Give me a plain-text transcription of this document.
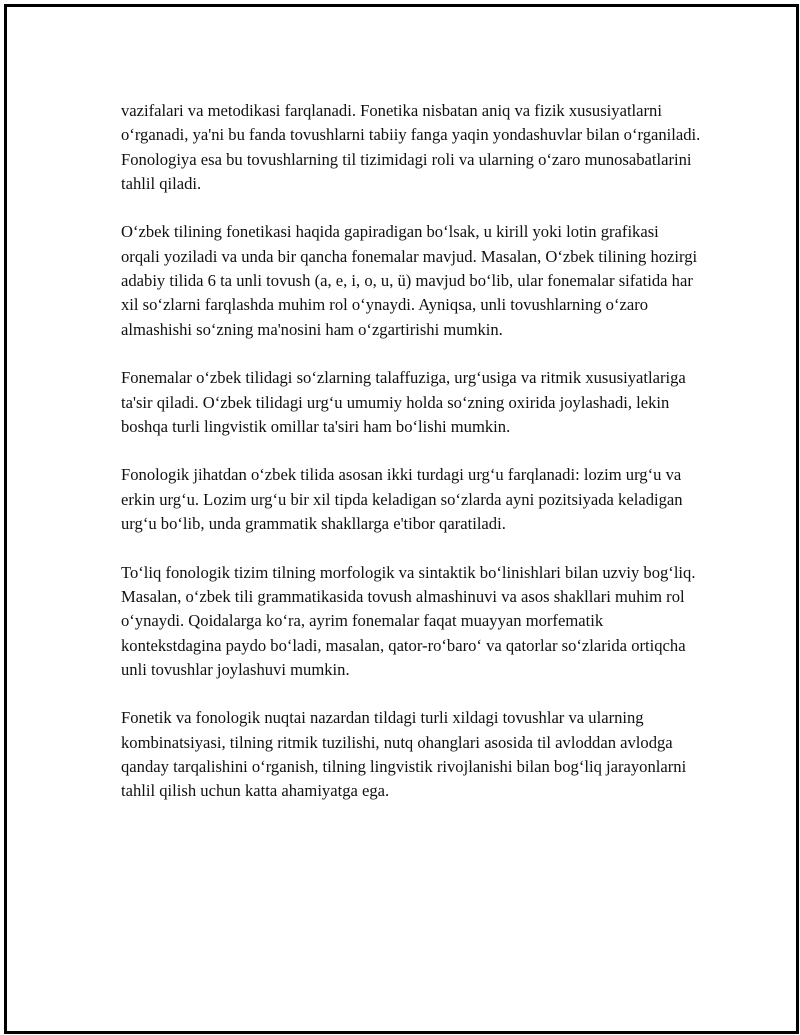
vazifalari va metodikasi farqlanadi. Fonetika nisbatan aniq va fizik xususiyatlarni o‘rganadi, ya'ni bu fanda tovushlarni tabiiy fanga yaqin yondashuvlar bilan o‘rganiladi. Fonologiya esa bu tovushlarning til tizimidagi roli va ularning o‘zaro munosabatlarini tahlil qiladi.

O‘zbek tilining fonetikasi haqida gapiradigan bo‘lsak, u kirill yoki lotin grafikasi orqali yoziladi va unda bir qancha fonemalar mavjud. Masalan, O‘zbek tilining hozirgi adabiy tilida 6 ta unli tovush (a, e, i, o, u, ü) mavjud bo‘lib, ular fonemalar sifatida har xil so‘zlarni farqlashda muhim rol o‘ynaydi. Ayniqsa, unli tovushlarning o‘zaro almashishi so‘zning ma'nosini ham o‘zgartirishi mumkin.

Fonemalar o‘zbek tilidagi so‘zlarning talaffuziga, urg‘usiga va ritmik xususiyatlariga ta'sir qiladi. O‘zbek tilidagi urg‘u umumiy holda so‘zning oxirida joylashadi, lekin boshqa turli lingvistik omillar ta'siri ham bo‘lishi mumkin.

Fonologik jihatdan o‘zbek tilida asosan ikki turdagi urg‘u farqlanadi: lozim urg‘u va erkin urg‘u. Lozim urg‘u bir xil tipda keladigan so‘zlarda ayni pozitsiyada keladigan urg‘u bo‘lib, unda grammatik shakllarga e'tibor qaratiladi.

To‘liq fonologik tizim tilning morfologik va sintaktik bo‘linishlari bilan uzviy bog‘liq. Masalan, o‘zbek tili grammatikasida tovush almashinuvi va asos shakllari muhim rol o‘ynaydi. Qoidalarga ko‘ra, ayrim fonemalar faqat muayyan morfematik kontekstdagina paydo bo‘ladi, masalan, qator-ro‘baro‘ va qatorlar so‘zlarida ortiqcha unli tovushlar joylashuvi mumkin.

Fonetik va fonologik nuqtai nazardan tildagi turli xildagi tovushlar va ularning kombinatsiyasi, tilning ritmik tuzilishi, nutq ohanglari asosida til avloddan avlodga qanday tarqalishini o‘rganish, tilning lingvistik rivojlanishi bilan bog‘liq jarayonlarni tahlil qilish uchun katta ahamiyatga ega.
